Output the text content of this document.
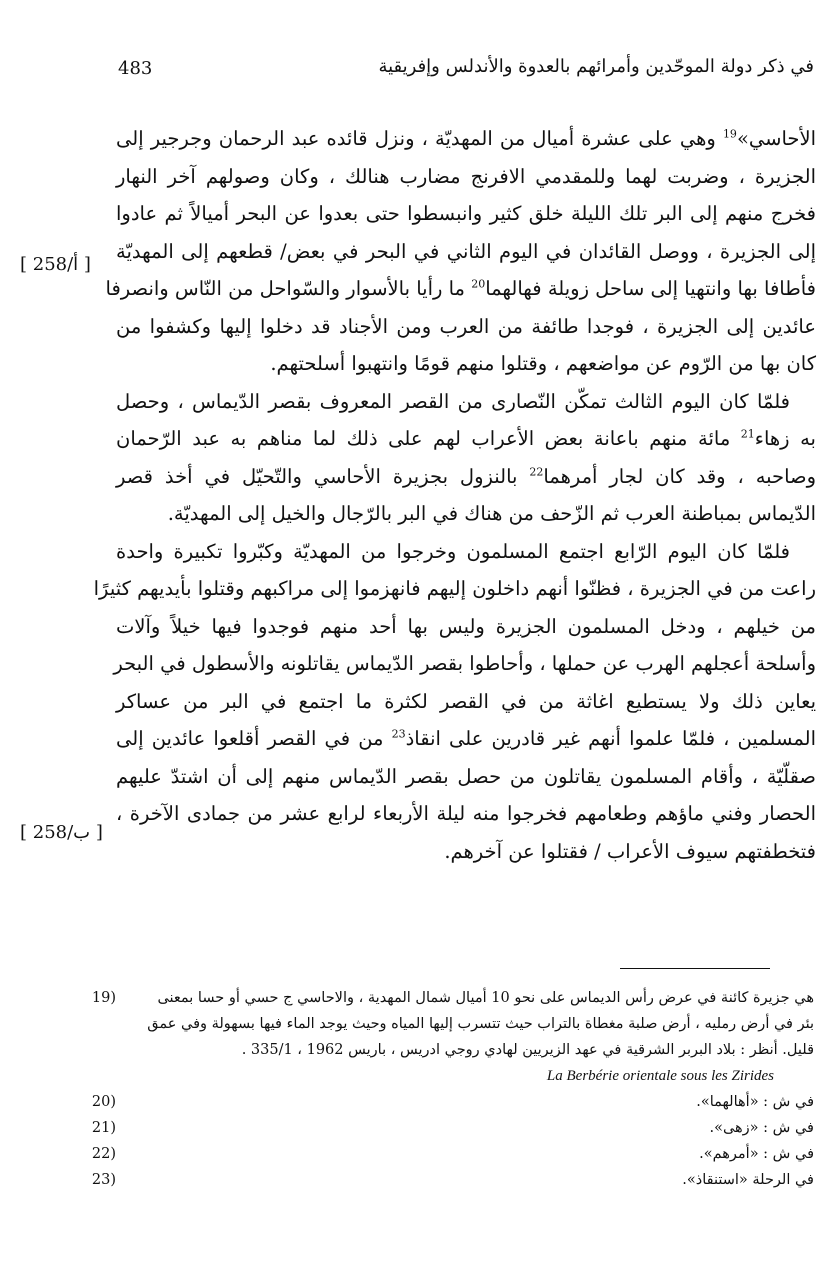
483	في ذكر دولة الموحّدين وأمرائهم بالعدوة والأندلس وإفريقية
[ 258/أ ]
[ 258/ب ]
الأحاسي»$^{19}$ وهي على عشرة أميال من المهديّة ، ونزل قائده عبد الرحمان وجرجير إلى
الجزيرة ، وضربت لهما وللمقدمي الافرنج مضارب هنالك ، وكان وصولهم آخر النهار
فخرج منهم إلى البر تلك الليلة خلق كثير وانبسطوا حتى بعدوا عن البحر أميالاً ثم عادوا
إلى الجزيرة ، ووصل القائدان في اليوم الثاني في البحر في بعض/ قطعهم إلى المهديّة
فأطافا بها وانتهيا إلى ساحل زويلة فهالهما$^{20}$ ما رأيا بالأسوار والسّواحل من النّاس وانصرفا
عائدين إلى الجزيرة ، فوجدا طائفة من العرب ومن الأجناد قد دخلوا إليها وكشفوا من
كان بها من الرّوم عن مواضعهم ، وقتلوا منهم قومًا وانتهبوا أسلحتهم.
فلمّا كان اليوم الثالث تمكّن النّصارى من القصر المعروف بقصر الدّيماس ، وحصل
به زهاء$^{21}$ مائة منهم باعانة بعض الأعراب لهم على ذلك لما مناهم به عبد الرّحمان
وصاحبه ، وقد كان لجار أمرهما$^{22}$ بالنزول بجزيرة الأحاسي والتّحيّل في أخذ قصر
الدّيماس بمباطنة العرب ثم الزّحف من هناك في البر بالرّجال والخيل إلى المهديّة.
فلمّا كان اليوم الرّابع اجتمع المسلمون وخرجوا من المهديّة وكبّروا تكبيرة واحدة
راعت من في الجزيرة ، فظنّوا أنهم داخلون إليهم فانهزموا إلى مراكبهم وقتلوا بأيديهم كثيرًا
من خيلهم ، ودخل المسلمون الجزيرة وليس بها أحد منهم فوجدوا فيها خيلاً وآلات
وأسلحة أعجلهم الهرب عن حملها ، وأحاطوا بقصر الدّيماس يقاتلونه والأسطول في البحر
يعاين ذلك ولا يستطيع اغاثة من في القصر لكثرة ما اجتمع في البر من عساكر
المسلمين ، فلمّا علموا أنهم غير قادرين على انقاذ$^{23}$ من في القصر أقلعوا عائدين إلى
صقلّيّة ، وأقام المسلمون يقاتلون من حصل بقصر الدّيماس منهم إلى أن اشتدّ عليهم
الحصار وفني ماؤهم وطعامهم فخرجوا منه ليلة الأربعاء لرابع عشر من جمادى الآخرة ،
فتخطفتهم سيوف الأعراب / فقتلوا عن آخرهم.
هي جزيرة كائنة في عرض رأس الديماس على نحو 10 أميال شمال المهدية ، والاحاسي ج حسي أو حسا بمعنى
بئر في أرض رمليه ، أرض صلبة مغطاة بالتراب حيث تتسرب إليها المياه وحيث يوجد الماء فيها بسهولة وفي عمق
قليل. أنظر : بلاد البربر الشرقية في عهد الزيريين لهادي روجي ادريس ، باريس 1962 ، 335/1 .
19)
La Berbérie orientale sous les Zirides
في ش : «أهالهما».
20)
في ش : «زهى».
21)
في ش : «أمرهم».
22)
في الرحلة «استنقاذ».
23)
